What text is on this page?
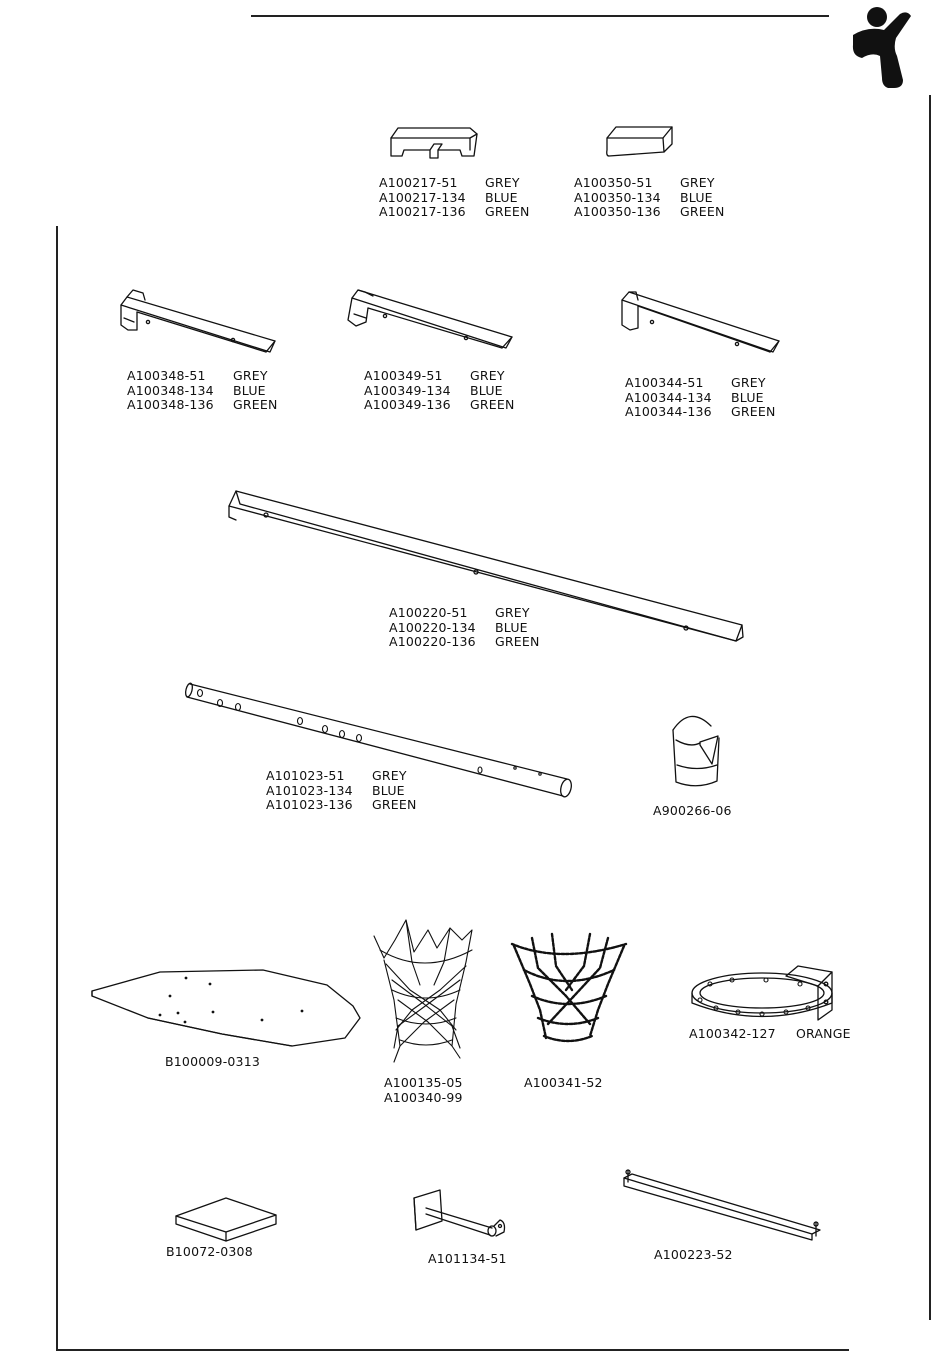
A100217-51 GREY
A100217-134 BLUE
A100217-136 GREEN
A100350-51 GREY
A100350-134 BLUE
A100350-136 GREEN
A100348-51 GREY
A100348-134 BLUE
A100348-136 GREEN
A100349-51 GREY
A100349-134 BLUE
A100349-136 GREEN
A100344-51 GREY
A100344-134 BLUE
A100344-136 GREEN
A100220-51 GREY
A100220-134 BLUE
A100220-136 GREEN
A101023-51 GREY
A101023-134 BLUE
A101023-136 GREEN	A900266-06
B100009-0313
A100135-05
A100340-99
A100341-52
A100342-127 ORANGE
B10072-0308	A101134-51	A100223-52
